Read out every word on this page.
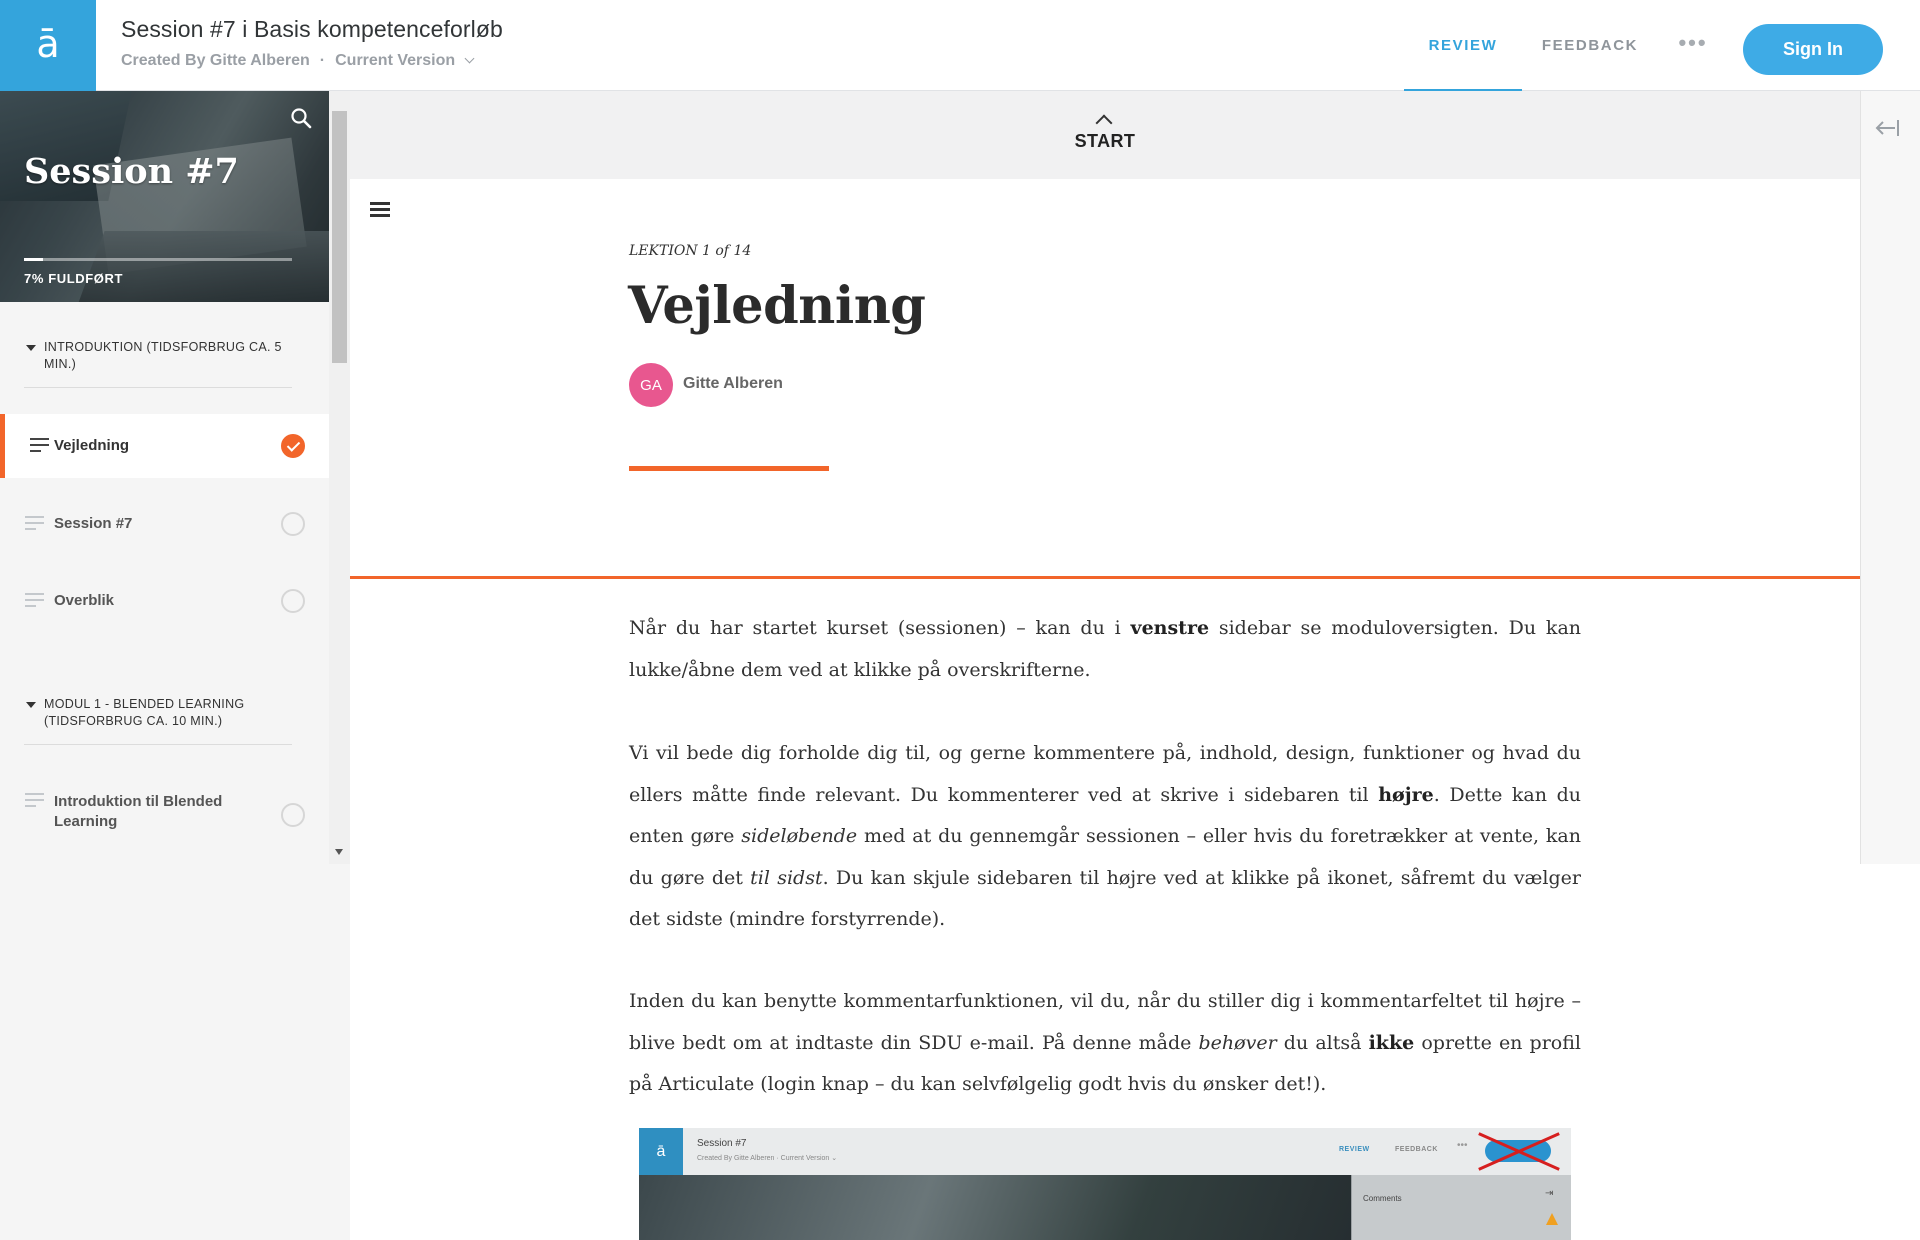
ā	Session #7 i Basis kompetenceforløb
Created By Gitte Alberen · Current Version
REVIEW	FEEDBACK	•••	Sign In
Session #7
7% FULDFØRT
INTRODUKTION (TIDSFORBRUG CA. 5 MIN.)
Vejledning
Session #7
Overblik
MODUL 1 - BLENDED LEARNING (TIDSFORBRUG CA. 10 MIN.)
Introduktion til Blended Learning
START
LEKTION 1 of 14
Vejledning
GA	Gitte Alberen

Når du har startet kurset (sessionen) – kan du i venstre sidebar se moduloversigten. Du kan lukke/åbne dem ved at klikke på overskrifterne.

Vi vil bede dig forholde dig til, og gerne kommentere på, indhold, design, funktioner og hvad du ellers måtte finde relevant. Du kommenterer ved at skrive i sidebaren til højre. Dette kan du enten gøre sideløbende med at du gennemgår sessionen – eller hvis du foretrækker at vente, kan du gøre det til sidst. Du kan skjule sidebaren til højre ved at klikke på ikonet, såfremt du vælger det sidste (mindre forstyrrende).

Inden du kan benytte kommentarfunktionen, vil du, når du stiller dig i kommentarfeltet til højre – blive bedt om at indtaste din SDU e-mail. På denne måde behøver du altså ikke oprette en profil på Articulate (login knap – du kan selvfølgelig godt hvis du ønsker det!).

ā	Session #7
Created By Gitte Alberen · Current Version ⌄
REVIEW	FEEDBACK •••
Comments	⇥
